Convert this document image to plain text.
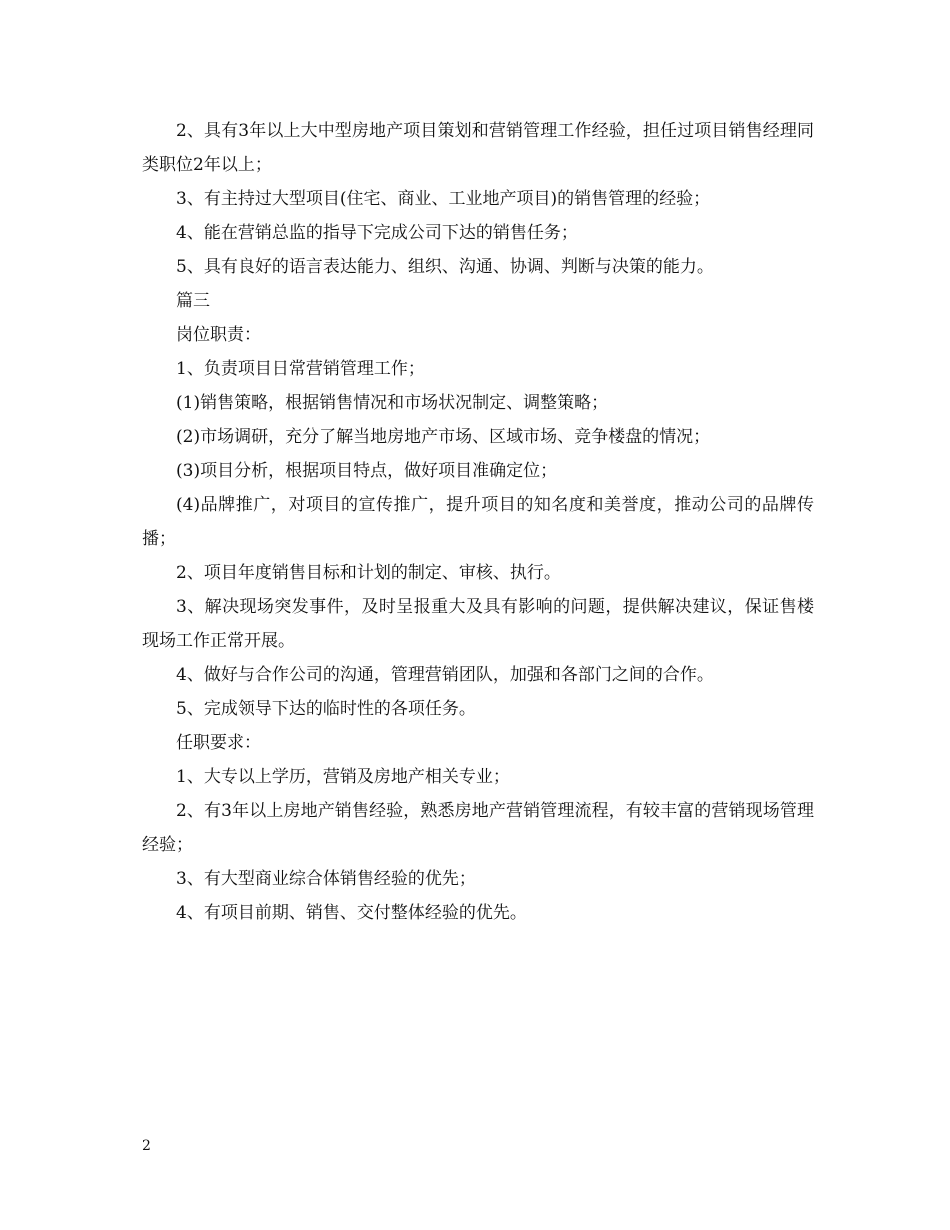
2、具有3年以上大中型房地产项目策划和营销管理工作经验，担任过项目销售经理同类职位2年以上；

3、有主持过大型项目(住宅、商业、工业地产项目)的销售管理的经验；

4、能在营销总监的指导下完成公司下达的销售任务；

5、具有良好的语言表达能力、组织、沟通、协调、判断与决策的能力。

篇三

岗位职责：

1、负责项目日常营销管理工作；

(1)销售策略，根据销售情况和市场状况制定、调整策略；

(2)市场调研，充分了解当地房地产市场、区域市场、竞争楼盘的情况；

(3)项目分析，根据项目特点，做好项目准确定位；

(4)品牌推广，对项目的宣传推广，提升项目的知名度和美誉度，推动公司的品牌传播；

2、项目年度销售目标和计划的制定、审核、执行。

3、解决现场突发事件，及时呈报重大及具有影响的问题，提供解决建议，保证售楼现场工作正常开展。

4、做好与合作公司的沟通，管理营销团队，加强和各部门之间的合作。

5、完成领导下达的临时性的各项任务。

任职要求：

1、大专以上学历，营销及房地产相关专业；

2、有3年以上房地产销售经验，熟悉房地产营销管理流程，有较丰富的营销现场管理经验；

3、有大型商业综合体销售经验的优先；

4、有项目前期、销售、交付整体经验的优先。

2
